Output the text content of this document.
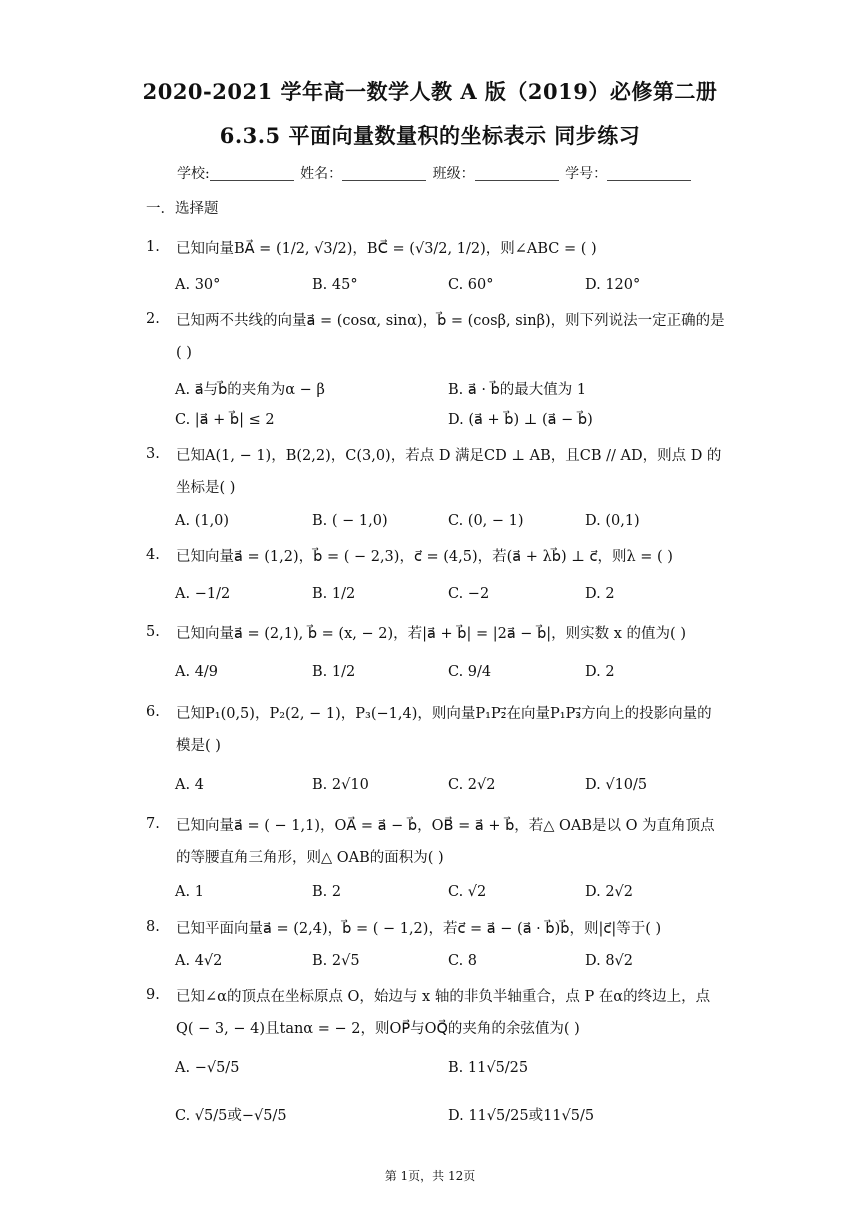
2020-2021 学年高一数学人教 A 版（2019）必修第二册
6.3.5 平面向量数量积的坐标表示 同步练习
学校:	姓名：	班级：	学号：
一．选择题
1.	已知向量BA⃗ = (1/2, √3/2)，BC⃗ = (√3/2, 1/2)，则∠ABC = ( )
A. 30°	B. 45°	C. 60°	D. 120°
2.	已知两不共线的向量a⃗ = (cosα, sinα)，b⃗ = (cosβ, sinβ)，则下列说法一定正确的是 ( )
A. a⃗与b⃗的夹角为α − β	B. a⃗ · b⃗的最大值为 1
C. |a⃗ + b⃗| ≤ 2	D. (a⃗ + b⃗) ⊥ (a⃗ − b⃗)
3.	已知A(1, − 1)，B(2,2)，C(3,0)，若点 D 满足CD ⊥ AB，且CB // AD，则点 D 的坐标是( )
A. (1,0)	B. ( − 1,0)	C. (0, − 1)	D. (0,1)
4.	已知向量a⃗ = (1,2)，b⃗ = ( − 2,3)，c⃗ = (4,5)，若(a⃗ + λb⃗) ⊥ c⃗，则λ = ( )
A. −1/2	B. 1/2	C. −2	D. 2
5.	已知向量a⃗ = (2,1), b⃗ = (x, − 2)，若|a⃗ + b⃗| = |2a⃗ − b⃗|，则实数 x 的值为( )
A. 4/9	B. 1/2	C. 9/4	D. 2
6.	已知P₁(0,5)，P₂(2, − 1)，P₃(−1,4)，则向量P₁P₂⃗在向量P₁P₃⃗方向上的投影向量的模是( )
A. 4	B. 2√10	C. 2√2	D. √10/5
7.	已知向量a⃗ = ( − 1,1)，OA⃗ = a⃗ − b⃗，OB⃗ = a⃗ + b⃗，若△ OAB是以 O 为直角顶点的等腰直角三角形，则△ OAB的面积为( )
A. 1	B. 2	C. √2	D. 2√2
8.	已知平面向量a⃗ = (2,4)，b⃗ = ( − 1,2)，若c⃗ = a⃗ − (a⃗ · b⃗)b⃗，则|c⃗|等于( )
A. 4√2	B. 2√5	C. 8	D. 8√2
9.	已知∠α的顶点在坐标原点 O，始边与 x 轴的非负半轴重合，点 P 在α的终边上，点Q( − 3, − 4)且tanα = − 2，则OP⃗与OQ⃗的夹角的余弦值为( )
A. −√5/5	B. 11√5/25
C. √5/5或−√5/5	D. 11√5/25或11√5/5
第 1页，共 12页
